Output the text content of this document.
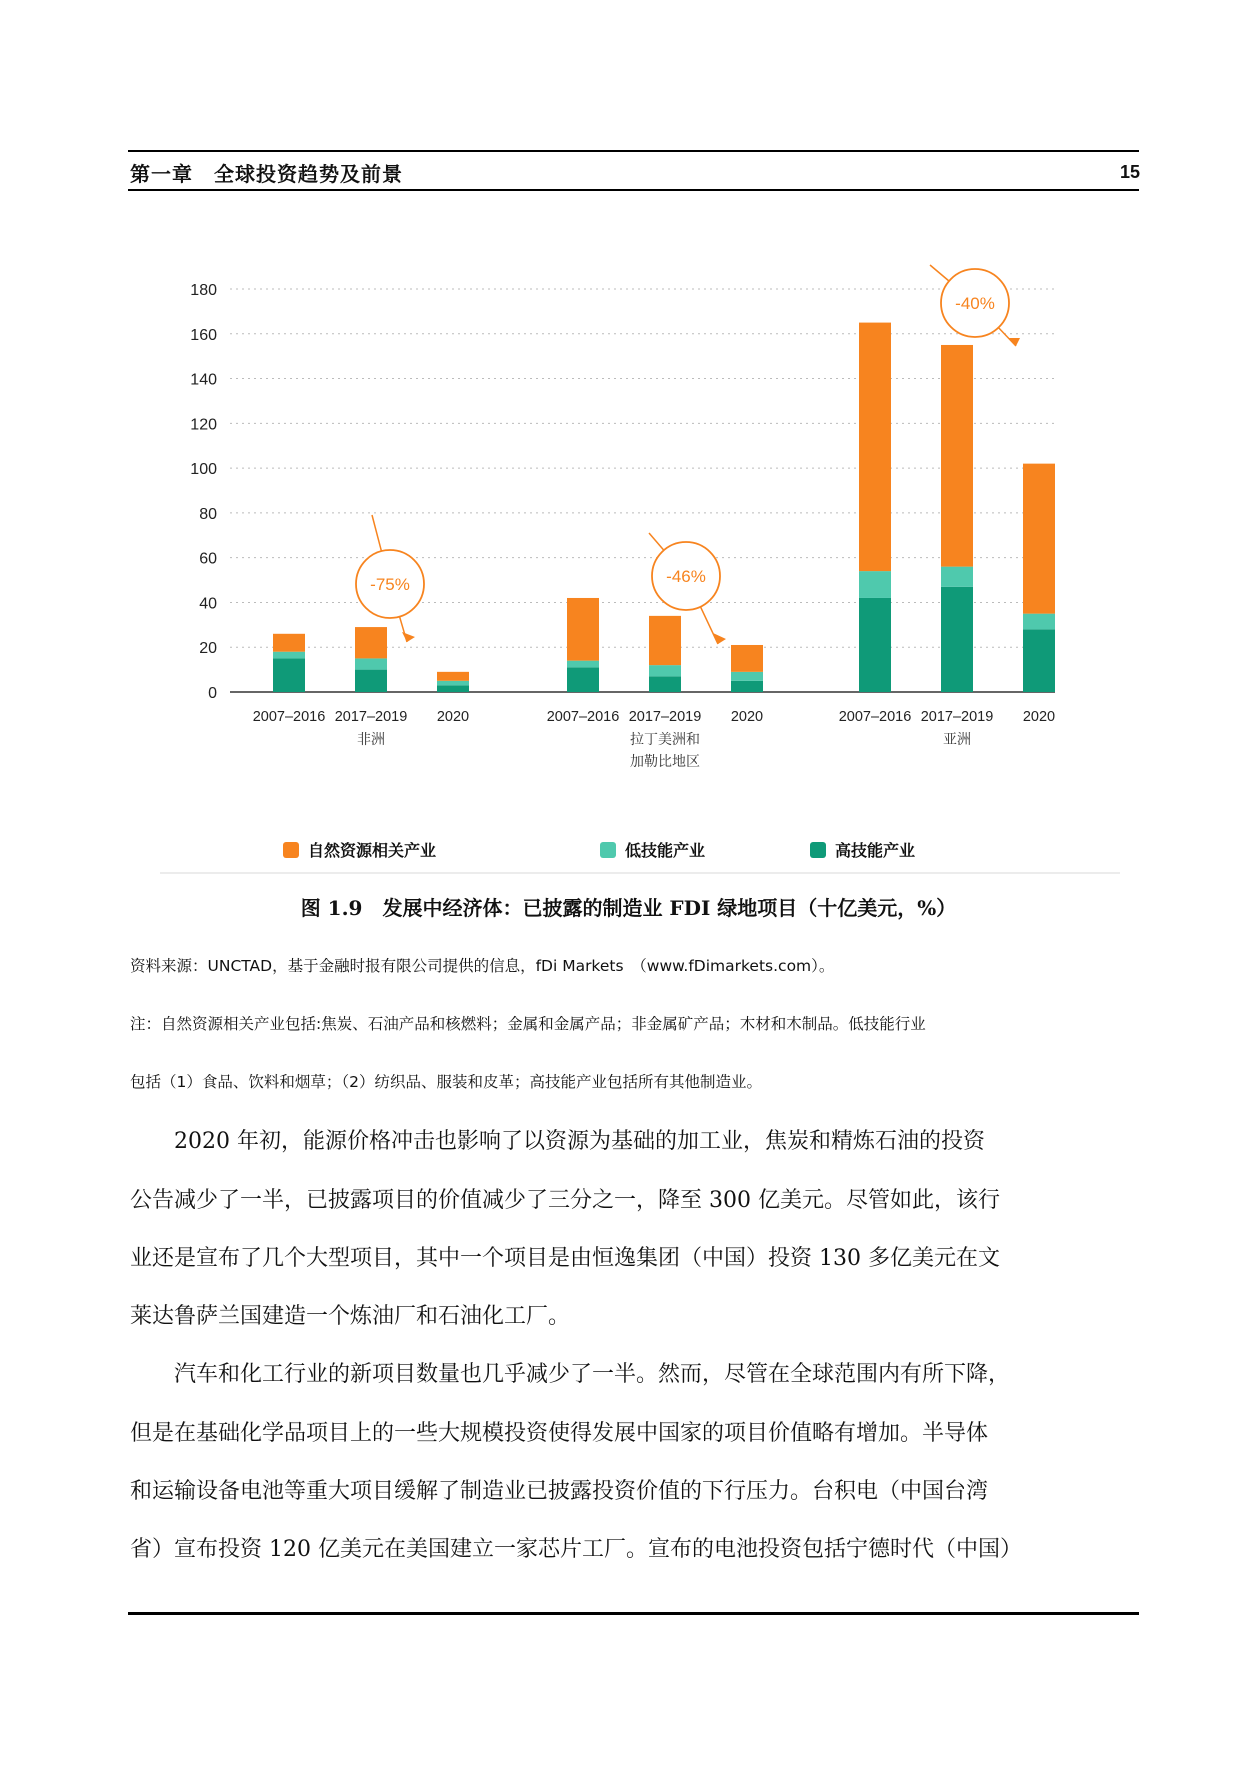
第一章　全球投资趋势及前景	15
0
20
40
60
80
100
120
140
160
180
2007–2016 2017–2019 2020
非洲
2007–2016 2017–2019 2020
拉丁美洲和
加勒比地区
2007–2016 2017–2019 2020
亚洲
-75%	-46%
-40%
自然资源相关产业	低技能产业	高技能产业
图 1.9　发展中经济体：已披露的制造业 FDI 绿地项目（十亿美元，%）
资料来源：UNCTAD，基于金融时报有限公司提供的信息，fDi Markets　（www.fDimarkets.com）。
注：自然资源相关产业包括:焦炭、石油产品和核燃料；金属和金属产品；非金属矿产品；木材和木制品。低技能行业
包括（1）食品、饮料和烟草；（2）纺织品、服装和皮革；高技能产业包括所有其他制造业。
　　2020 年初，能源价格冲击也影响了以资源为基础的加工业，焦炭和精炼石油的投资
公告减少了一半，已披露项目的价值减少了三分之一，降至 300 亿美元。尽管如此，该行
业还是宣布了几个大型项目，其中一个项目是由恒逸集团（中国）投资 130 多亿美元在文
莱达鲁萨兰国建造一个炼油厂和石油化工厂。
　　汽车和化工行业的新项目数量也几乎减少了一半。然而，尽管在全球范围内有所下降，
但是在基础化学品项目上的一些大规模投资使得发展中国家的项目价值略有增加。半导体
和运输设备电池等重大项目缓解了制造业已披露投资价值的下行压力。台积电（中国台湾
省）宣布投资 120 亿美元在美国建立一家芯片工厂。宣布的电池投资包括宁德时代（中国）
